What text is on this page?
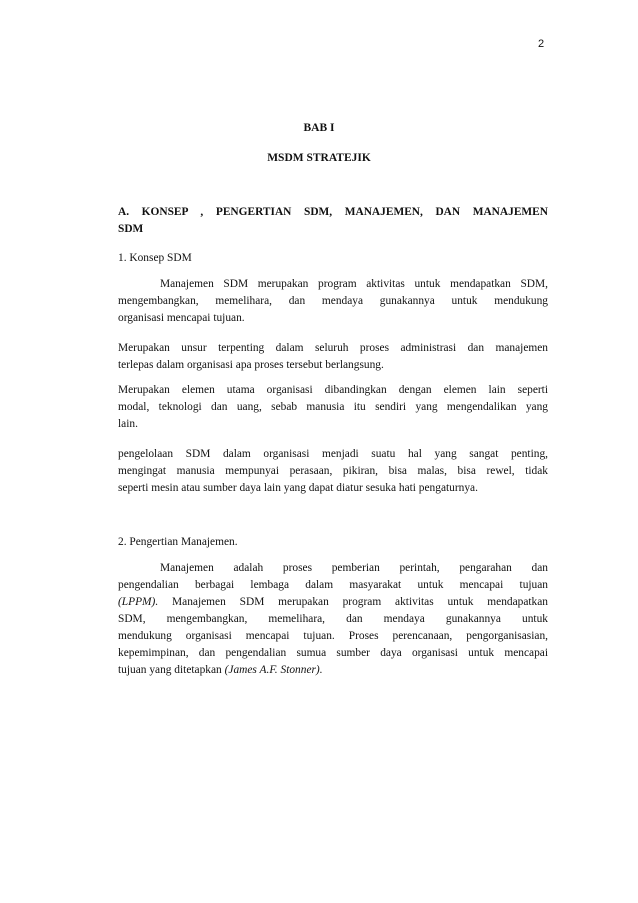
2
BAB I
MSDM STRATEJIK
A. KONSEP , PENGERTIAN SDM, MANAJEMEN, DAN MANAJEMEN
SDM
1. Konsep SDM
Manajemen SDM merupakan program aktivitas untuk mendapatkan SDM,
mengembangkan, memelihara, dan mendaya gunakannya untuk mendukung
organisasi mencapai tujuan.
Merupakan unsur terpenting dalam seluruh proses administrasi dan manajemen
terlepas dalam organisasi apa proses tersebut berlangsung.
Merupakan elemen utama organisasi dibandingkan dengan elemen lain seperti
modal, teknologi dan uang, sebab manusia itu sendiri yang mengendalikan yang
lain.
pengelolaan SDM dalam organisasi menjadi suatu hal yang sangat penting,
mengingat manusia mempunyai perasaan, pikiran, bisa malas, bisa rewel, tidak
seperti mesin atau sumber daya lain yang dapat diatur sesuka hati pengaturnya.
2. Pengertian Manajemen.
Manajemen adalah proses pemberian perintah, pengarahan dan
pengendalian berbagai lembaga dalam masyarakat untuk mencapai tujuan
(LPPM). Manajemen SDM merupakan program aktivitas untuk mendapatkan
SDM, mengembangkan, memelihara, dan mendaya gunakannya untuk
mendukung organisasi mencapai tujuan. Proses perencanaan, pengorganisasian,
kepemimpinan, dan pengendalian sumua sumber daya organisasi untuk mencapai
tujuan yang ditetapkan (James A.F. Stonner).
